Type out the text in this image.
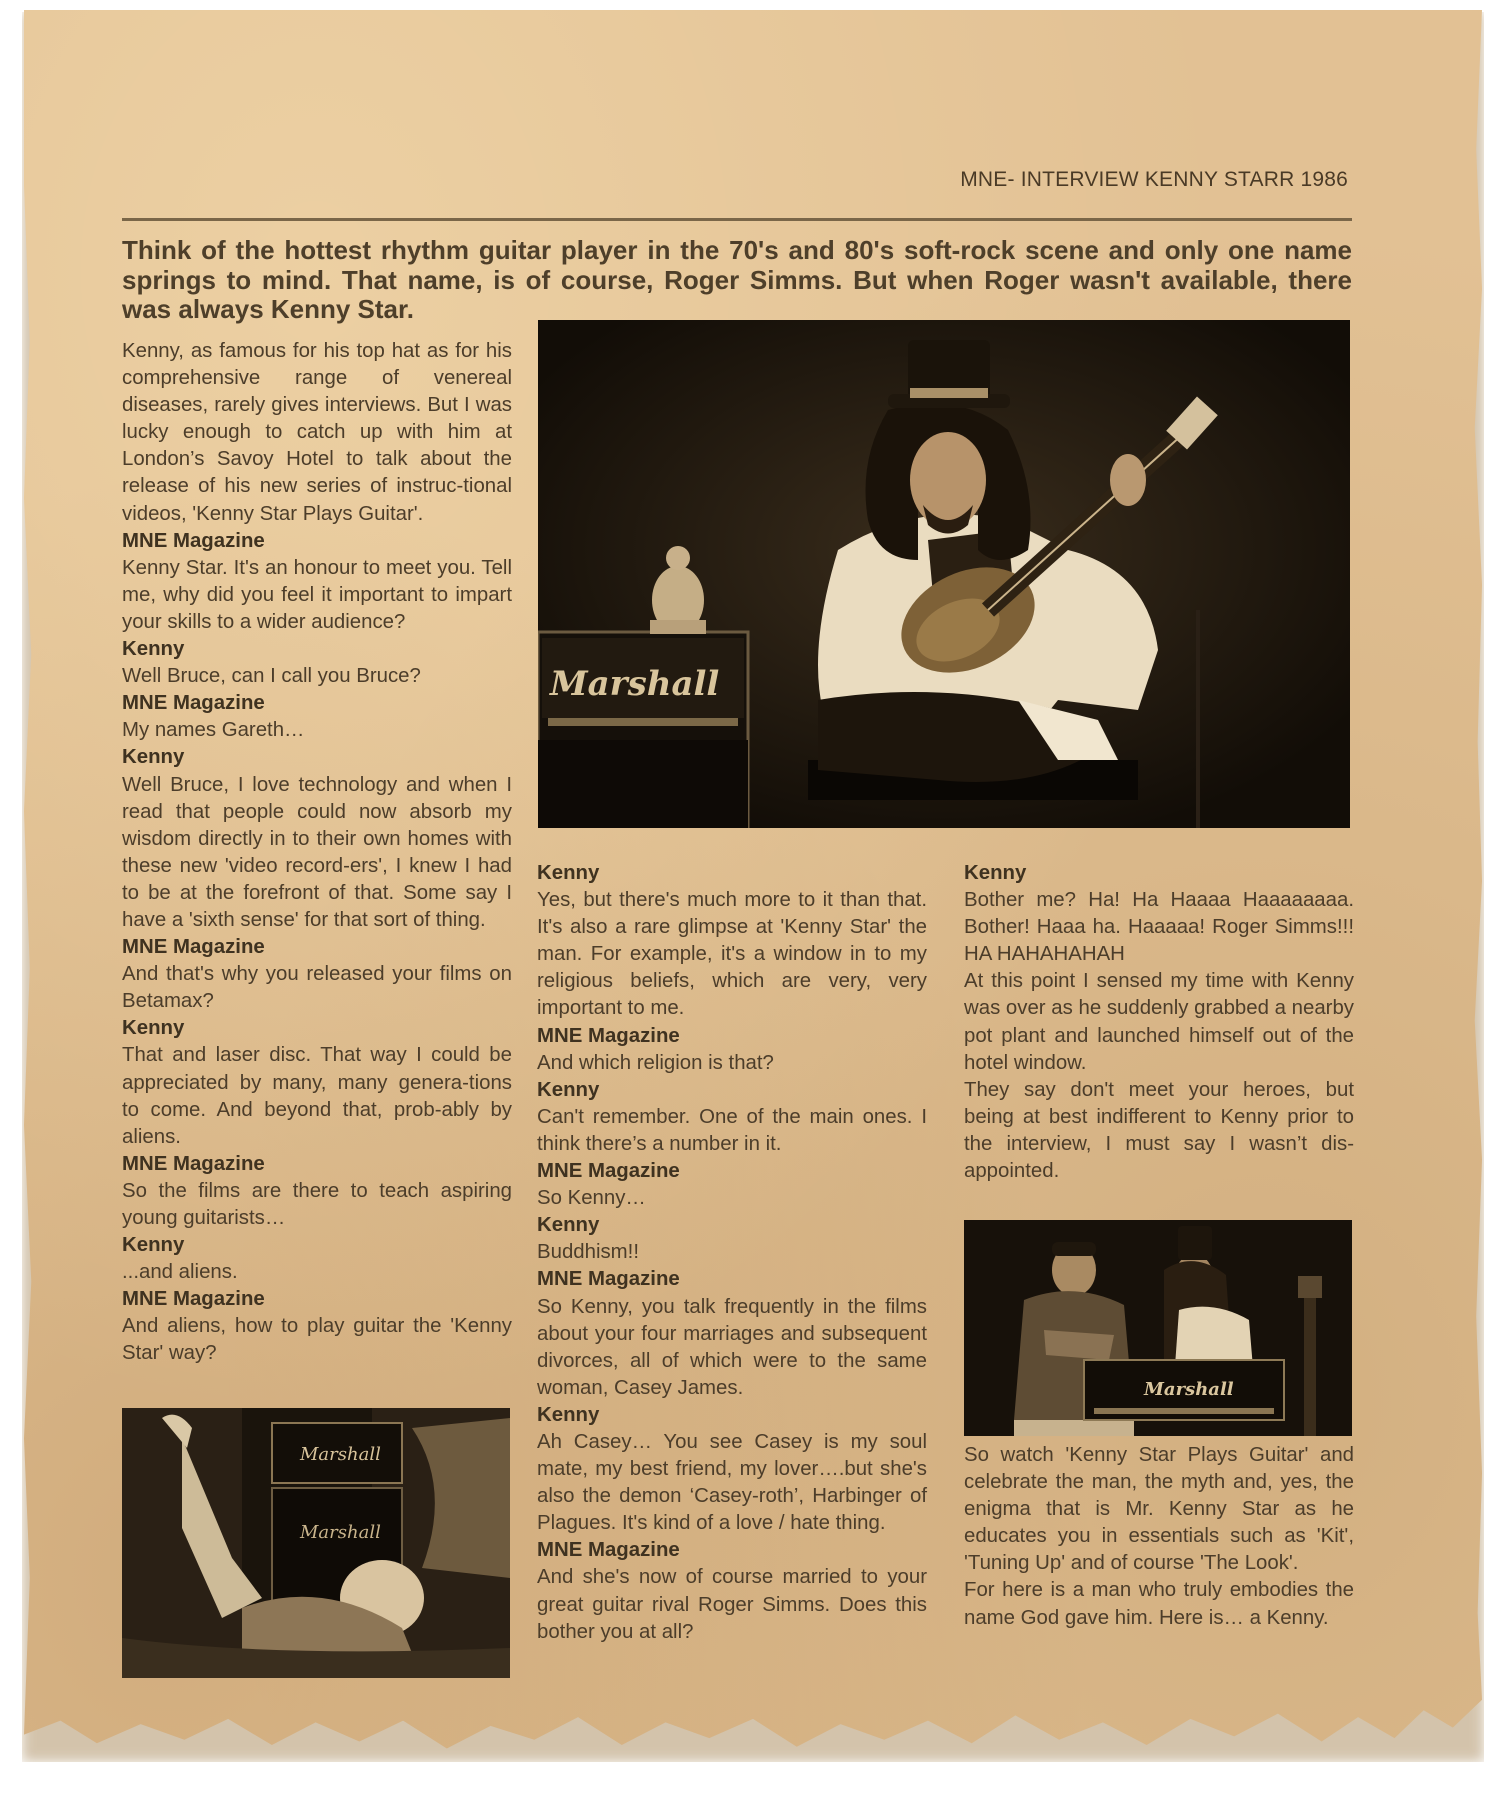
MNE- INTERVIEW KENNY STARR 1986
Think of the hottest rhythm guitar player in the 70's and 80's soft-rock scene and only one name springs to mind. That name, is of course, Roger Simms. But when Roger wasn't available, there was always Kenny Star.
Marshall

Kenny, as famous for his top hat as for his comprehensive range of venereal diseases, rarely gives interviews. But I was lucky enough to catch up with him at London’s Savoy Hotel to talk about the release of his new series of instruc-tional videos, 'Kenny Star Plays Guitar'.

MNE Magazine

Kenny Star. It's an honour to meet you. Tell me, why did you feel it important to impart your skills to a wider audience?

Kenny

Well Bruce, can I call you Bruce?

MNE Magazine

My names Gareth…

Kenny

Well Bruce, I love technology and when I read that people could now absorb my wisdom directly in to their own homes with these new 'video record-ers', I knew I had to be at the forefront of that. Some say I have a 'sixth sense' for that sort of thing.

MNE Magazine

And that's why you released your films on Betamax?

Kenny

That and laser disc. That way I could be appreciated by many, many genera-tions to come. And beyond that, prob-ably by aliens.

MNE Magazine

So the films are there to teach aspiring young guitarists…

Kenny

...and aliens.

MNE Magazine

And aliens, how to play guitar the 'Kenny Star' way?

Marshall
Marshall

Kenny

Yes, but there's much more to it than that. It's also a rare glimpse at 'Kenny Star' the man. For example, it's a window in to my religious beliefs, which are very, very important to me.

MNE Magazine

And which religion is that?

Kenny

Can't remember. One of the main ones. I think there’s a number in it.

MNE Magazine

So Kenny…

Kenny

Buddhism!!

MNE Magazine

So Kenny, you talk frequently in the films about your four marriages and subsequent divorces, all of which were to the same woman, Casey James.

Kenny

Ah Casey… You see Casey is my soul mate, my best friend, my lover….but she's also the demon ‘Casey-roth’, Harbinger of Plagues. It's kind of a love / hate thing.

MNE Magazine

And she's now of course married to your great guitar rival Roger Simms. Does this bother you at all?

Kenny

Bother me? Ha! Ha Haaaa Haaaaaaaa. Bother! Haaa ha. Haaaaa! Roger Simms!!! HA HAHAHAHAH

At this point I sensed my time with Kenny was over as he suddenly grabbed a nearby pot plant and launched himself out of the hotel window.

They say don't meet your heroes, but being at best indifferent to Kenny prior to the interview, I must say I wasn’t dis-appointed.

Marshall

So watch 'Kenny Star Plays Guitar' and celebrate the man, the myth and, yes, the enigma that is Mr. Kenny Star as he educates you in essentials such as 'Kit', 'Tuning Up' and of course 'The Look'.

For here is a man who truly embodies the name God gave him. Here is… a Kenny.
